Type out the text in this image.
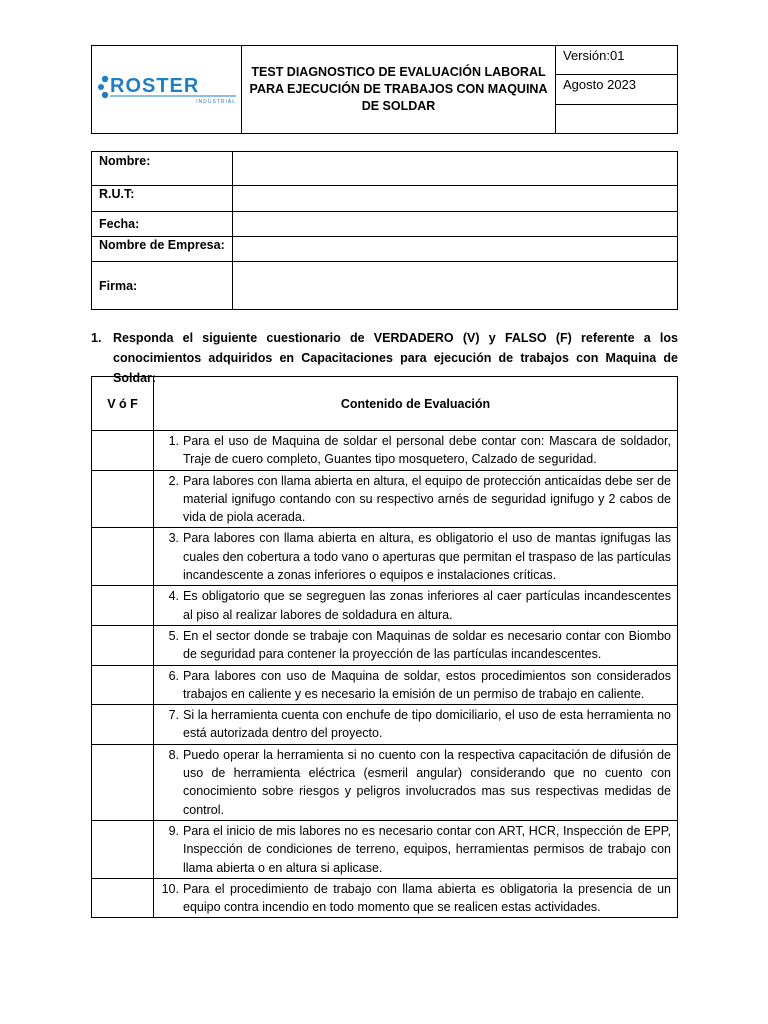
ROSTER
INDUSTRIAL
	TEST DIAGNOSTICO DE EVALUACIÓN LABORAL PARA EJECUCIÓN DE TRABAJOS CON MAQUINA DE SOLDAR	Versión:01
Agosto 2023

Nombre:	
R.U.T:	
Fecha:	
Nombre de Empresa:	
Firma:	
1. Responda el siguiente cuestionario de VERDADERO (V) y FALSO (F) referente a los conocimientos adquiridos en Capacitaciones para ejecución de trabajos con Maquina de Soldar:
V ó F	Contenido de Evaluación

	1. Para el uso de Maquina de soldar el personal debe contar con: Mascara de soldador, Traje de cuero completo, Guantes tipo mosquetero, Calzado de seguridad.

	2. Para labores con llama abierta en altura, el equipo de protección anticaídas debe ser de material ignifugo contando con su respectivo arnés de seguridad ignifugo y 2 cabos de vida de piola acerada.

	3. Para labores con llama abierta en altura, es obligatorio el uso de mantas ignifugas las cuales den cobertura a todo vano o aperturas que permitan el traspaso de las partículas incandescente a zonas inferiores o equipos e instalaciones críticas.

	4. Es obligatorio que se segreguen las zonas inferiores al caer partículas incandescentes al piso al realizar labores de soldadura en altura.

	5. En el sector donde se trabaje con Maquinas de soldar es necesario contar con Biombo de seguridad para contener la proyección de las partículas incandescentes.

	6. Para labores con uso de Maquina de soldar, estos procedimientos son considerados trabajos en caliente y es necesario la emisión de un permiso de trabajo en caliente.

	7. Si la herramienta cuenta con enchufe de tipo domiciliario, el uso de esta herramienta no está autorizada dentro del proyecto.

	8. Puedo operar la herramienta si no cuento con la respectiva capacitación de difusión de uso de herramienta eléctrica (esmeril angular) considerando que no cuento con conocimiento sobre riesgos y peligros involucrados mas sus respectivas medidas de control.

	9. Para el inicio de mis labores no es necesario contar con ART, HCR, Inspección de EPP, Inspección de condiciones de terreno, equipos, herramientas permisos de trabajo con llama abierta o en altura si aplicase.

	10. Para el procedimiento de trabajo con llama abierta es obligatoria la presencia de un equipo contra incendio en todo momento que se realicen estas actividades.
